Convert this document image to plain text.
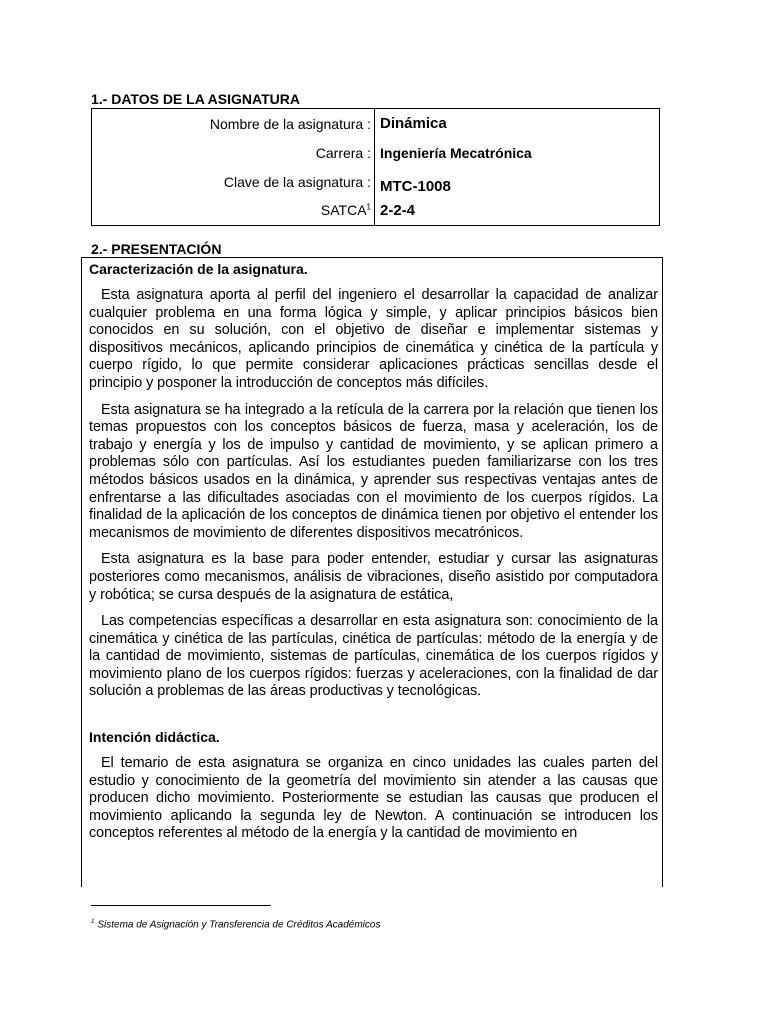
1.- DATOS DE LA ASIGNATURA
Nombre de la asignatura : Dinámica
Carrera : Ingeniería Mecatrónica
Clave de la asignatura : MTC-1008
SATCA$^1$ 2-2-4
2.- PRESENTACIÓN

Caracterización de la asignatura.

Esta asignatura aporta al perfil del ingeniero el desarrollar la capacidad de analizar cualquier problema en una forma lógica y simple, y aplicar principios básicos bien conocidos en su solución, con el objetivo de diseñar e implementar sistemas y dispositivos mecánicos, aplicando principios de cinemática y cinética de la partícula y cuerpo rígido, lo que permite considerar aplicaciones prácticas sencillas desde el principio y posponer la introducción de conceptos más difíciles.

Esta asignatura se ha integrado a la retícula de la carrera por la relación que tienen los temas propuestos con los conceptos básicos de fuerza, masa y aceleración, los de trabajo y energía y los de impulso y cantidad de movimiento, y se aplican primero a problemas sólo con partículas. Así los estudiantes pueden familiarizarse con los tres métodos básicos usados en la dinámica, y aprender sus respectivas ventajas antes de enfrentarse a las dificultades asociadas con el movimiento de los cuerpos rígidos. La finalidad de la aplicación de los conceptos de dinámica tienen por objetivo el entender los mecanismos de movimiento de diferentes dispositivos mecatrónicos.

Esta asignatura es la base para poder entender, estudiar y cursar las asignaturas posteriores como mecanismos, análisis de vibraciones, diseño asistido por computadora y robótica; se cursa después de la asignatura de estática,

Las competencias específicas a desarrollar en esta asignatura son: conocimiento de la cinemática y cinética de las partículas, cinética de partículas: método de la energía y de la cantidad de movimiento, sistemas de partículas, cinemática de los cuerpos rígidos y movimiento plano de los cuerpos rígidos: fuerzas y aceleraciones, con la finalidad de dar solución a problemas de las áreas productivas y tecnológicas.

Intención didáctica.

El temario de esta asignatura se organiza en cinco unidades las cuales parten del estudio y conocimiento de la geometría del movimiento sin atender a las causas que producen dicho movimiento. Posteriormente se estudian las causas que producen el movimiento aplicando la segunda ley de Newton. A continuación se introducen los conceptos referentes al método de la energía y la cantidad de movimiento en

$^1$ Sistema de Asignación y Transferencia de Créditos Académicos
